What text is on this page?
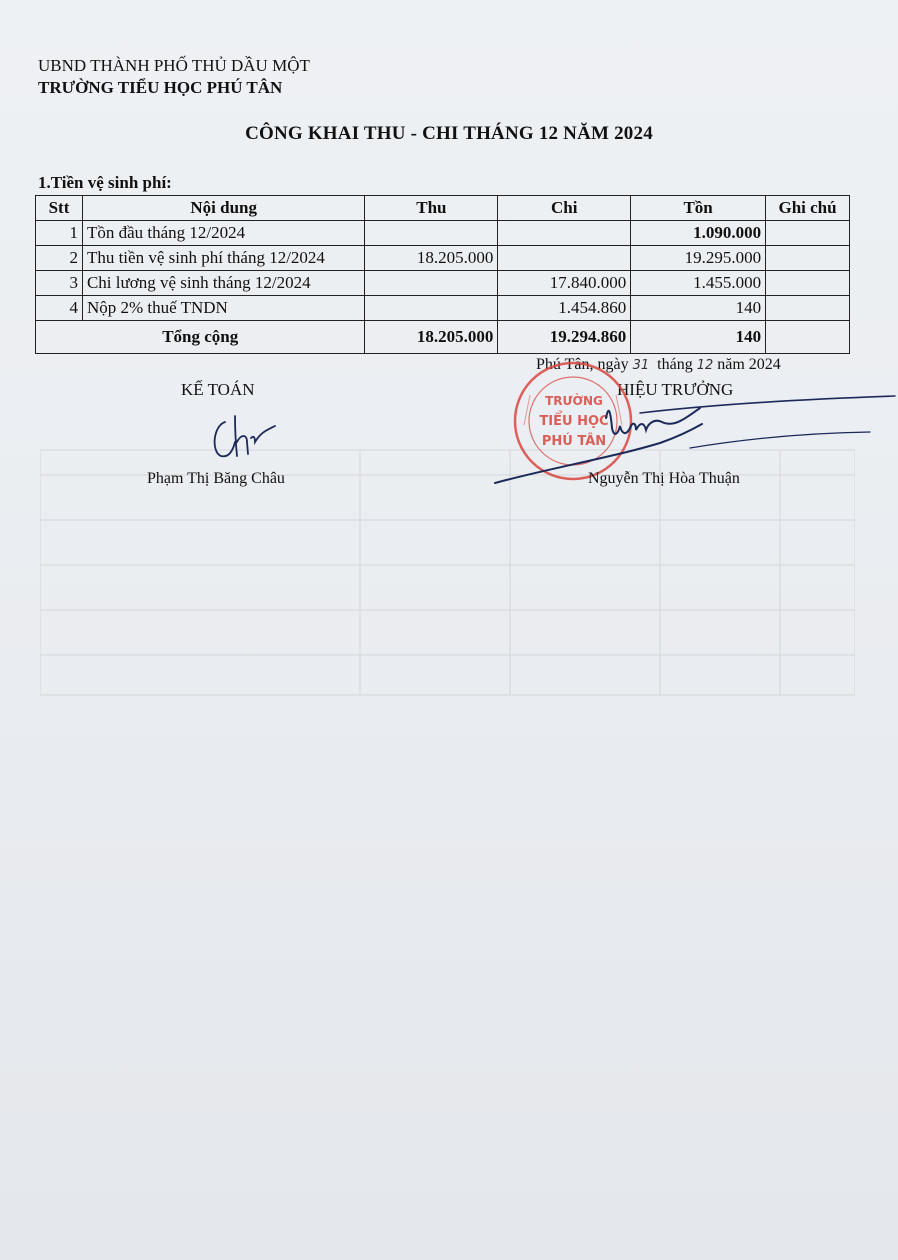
UBND THÀNH PHỐ THỦ DẦU MỘT
TRƯỜNG TIỂU HỌC PHÚ TÂN
CÔNG KHAI THU - CHI THÁNG 12 NĂM 2024
1.Tiền vệ sinh phí:
Stt	Nội dung	Thu	Chi	Tồn	Ghi chú
1	Tồn đầu tháng 12/2024			1.090.000	
2	Thu tiền vệ sinh phí tháng 12/2024	18.205.000		19.295.000	
3	Chi lương vệ sinh tháng 12/2024		17.840.000	1.455.000	
4	Nộp 2% thuế TNDN		1.454.860	140	
Tổng cộng		18.205.000	19.294.860	140	
Phú Tân, ngày 31 tháng 12 năm 2024
KẾ TOÁN	HIỆU TRƯỞNG
TRƯỜNG
TIỂU HỌC
PHÚ TÂN
Phạm Thị Băng Châu	Nguyễn Thị Hòa Thuận
